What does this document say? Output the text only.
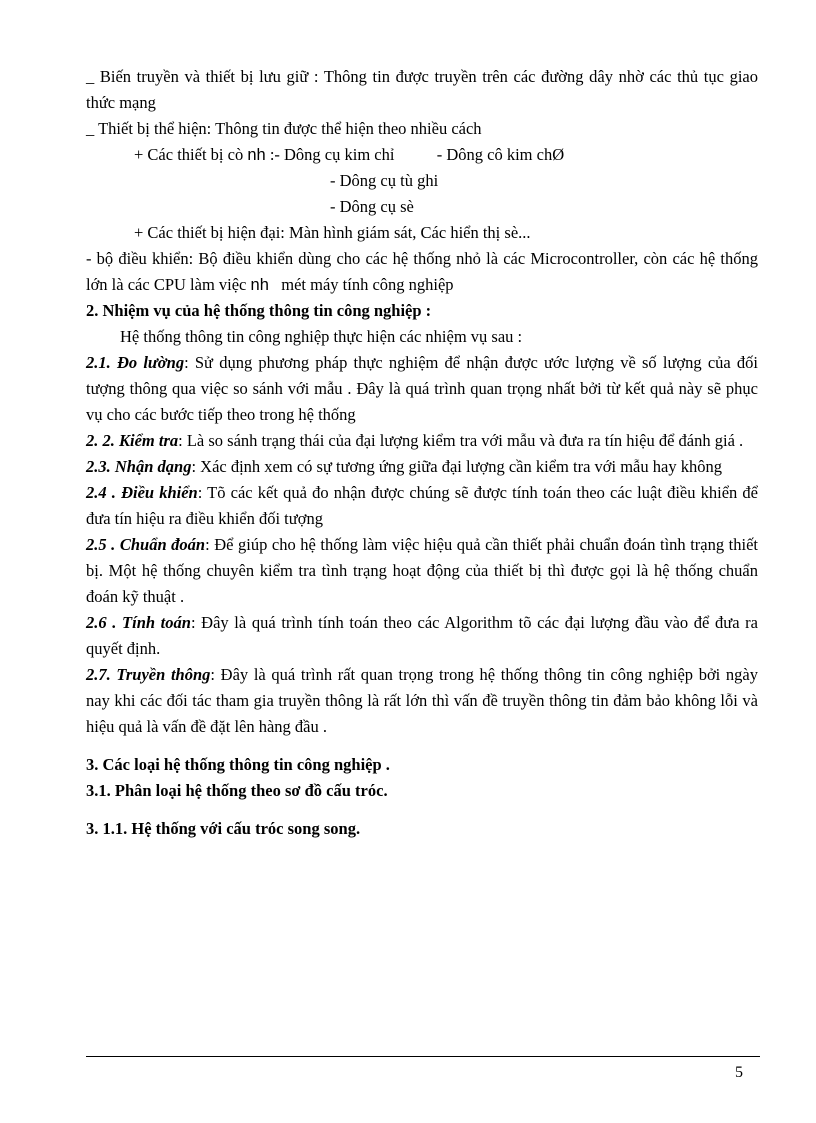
_ Biến truyền và thiết bị lưu giữ : Thông tin được truyền trên các đường dây nhờ các thủ tục giao thức mạng

_ Thiết bị thể hiện: Thông tin được thể hiện theo nhiều cách

+ Các thiết bị cò nh :- Dông cụ kim chỉ	- Dông cô kim chØ
- Dông cụ tù ghi
- Dông cụ sè
+ Các thiết bị hiện đại: Màn hình giám sát, Các hiển thị sè...

- bộ điều khiển: Bộ điều khiển dùng cho các hệ thống nhỏ là các Microcontroller, còn các hệ thống lớn là các CPU làm việc nh mét máy tính công nghiệp

2. Nhiệm vụ của hệ thống thông tin công nghiệp :

Hệ thống thông tin công nghiệp thực hiện các nhiệm vụ sau :

2.1. Đo lường: Sử dụng phương pháp thực nghiệm để nhận được ước lượng về số lượng của đối tượng thông qua việc so sánh với mẫu . Đây là quá trình quan trọng nhất bởi từ kết quả này sẽ phục vụ cho các bước tiếp theo trong hệ thống

2. 2. Kiểm tra: Là so sánh trạng thái của đại lượng kiểm tra với mẫu và đưa ra tín hiệu để đánh giá .

2.3. Nhận dạng: Xác định xem có sự tương ứng giữa đại lượng cần kiểm tra với mẫu hay không

2.4 . Điều khiển: Tõ các kết quả đo nhận được chúng sẽ được tính toán theo các luật điều khiển để đưa tín hiệu ra điều khiển đối tượng

2.5 . Chuẩn đoán: Để giúp cho hệ thống làm việc hiệu quả cần thiết phải chuẩn đoán tình trạng thiết bị. Một hệ thống chuyên kiểm tra tình trạng hoạt động của thiết bị thì được gọi là hệ thống chuẩn đoán kỹ thuật .

2.6 . Tính toán: Đây là quá trình tính toán theo các Algorithm tõ các đại lượng đầu vào để đưa ra quyết định.

2.7. Truyền thông: Đây là quá trình rất quan trọng trong hệ thống thông tin công nghiệp bởi ngày nay khi các đối tác tham gia truyền thông là rất lớn thì vấn đề truyền thông tin đảm bảo không lỗi và hiệu quả là vấn đề đặt lên hàng đầu .

3. Các loại hệ thống thông tin công nghiệp .

3.1. Phân loại hệ thống theo sơ đồ cấu tróc.

3. 1.1. Hệ thống với cấu tróc song song.

5
